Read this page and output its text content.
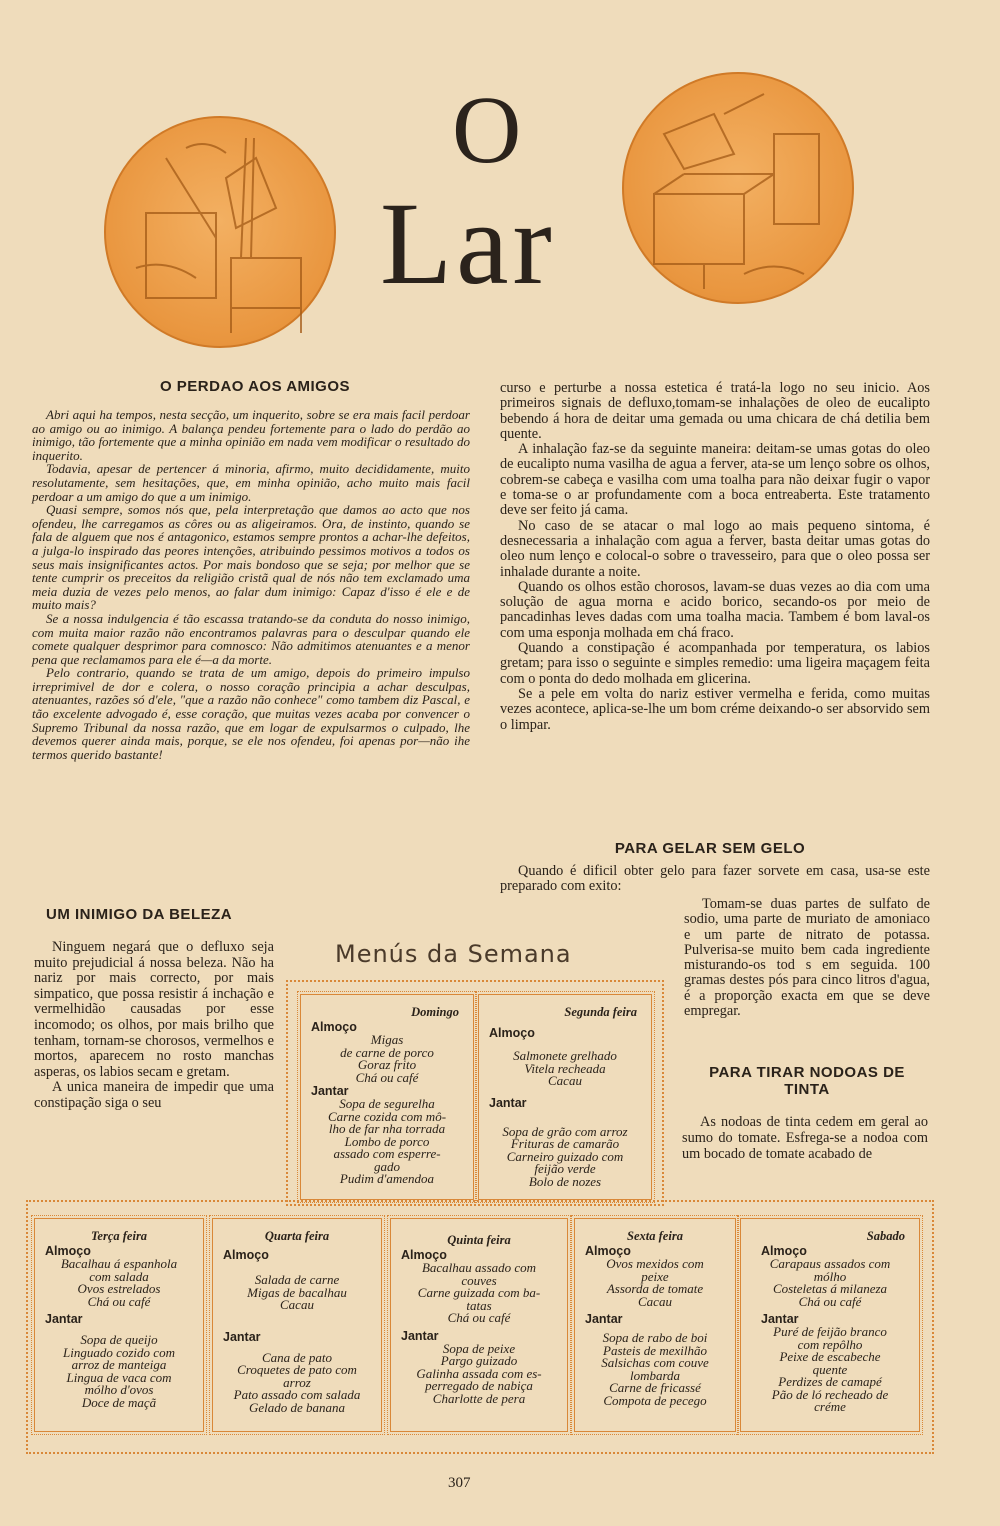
O
Lar
O PERDAO AOS AMIGOS

Abri aqui ha tempos, nesta secção, um inquerito, sobre se era mais facil perdoar ao amigo ou ao inimigo. A balança pendeu fortemente para o lado do perdão ao inimigo, tão fortemente que a minha opinião em nada vem modificar o resultado do inquerito.

Todavia, apesar de pertencer á minoria, afirmo, muito decididamente, muito resolutamente, sem hesitações, que, em minha opinião, acho muito mais facil perdoar a um amigo do que a um inimigo.

Quasi sempre, somos nós que, pela interpretação que damos ao acto que nos ofendeu, lhe carregamos as côres ou as aligeiramos. Ora, de instinto, quando se fala de alguem que nos é antagonico, estamos sempre prontos a achar-lhe defeitos, a julga-lo inspirado das peores intenções, atribuindo pessimos motivos a todos os seus mais insignificantes actos. Por mais bondoso que se seja; por melhor que se tente cumprir os preceitos da religião cristã qual de nós não tem exclamado uma meia duzia de vezes pelo menos, ao falar dum inimigo: Capaz d'isso é ele e de muito mais?

Se a nossa indulgencia é tão escassa tratando-se da conduta do nosso inimigo, com muita maior razão não encontramos palavras para o desculpar quando ele comete qualquer desprimor para comnosco: Não admitimos atenuantes e a menor pena que reclamamos para ele é—a da morte.

Pelo contrario, quando se trata de um amigo, depois do primeiro impulso irreprimivel de dor e colera, o nosso coração principia a achar desculpas, atenuantes, razões só d'ele, "que a razão não conhece" como tambem diz Pascal, e tão excelente advogado é, esse coração, que muitas vezes acaba por convencer o Supremo Tribunal da nossa razão, que em logar de expulsarmos o culpado, lhe devemos querer ainda mais, porque, se ele nos ofendeu, foi apenas por—não ihe termos querido bastante!

UM INIMIGO DA BELEZA

Ninguem negará que o defluxo seja muito prejudicial á nossa beleza. Não ha nariz por mais correcto, por mais simpatico, que possa resistir á inchação e vermelhidão causadas por esse incomodo; os olhos, por mais brilho que tenham, tornam-se chorosos, vermelhos e mortos, aparecem no rosto manchas asperas, os labios secam e gretam.

A unica maneira de impedir que uma constipação siga o seu

curso e perturbe a nossa estetica é tratá-la logo no seu inicio. Aos primeiros signais de defluxo,tomam-se inhalações de oleo de eucalipto bebendo á hora de deitar uma gemada ou uma chicara de chá detilia bem quente.

A inhalação faz-se da seguinte maneira: deitam-se umas gotas do oleo de eucalipto numa vasilha de agua a ferver, ata-se um lenço sobre os olhos, cobrem-se cabeça e vasilha com uma toalha para não deixar fugir o vapor e toma-se o ar profundamente com a boca entreaberta. Este tratamento deve ser feito já cama.

No caso de se atacar o mal logo ao mais pequeno sintoma, é desnecessaria a inhalação com agua a ferver, basta deitar umas gotas do oleo num lenço e colocal-o sobre o travesseiro, para que o oleo possa ser inhalade durante a noite.

Quando os olhos estão chorosos, lavam-se duas vezes ao dia com uma solução de agua morna e acido borico, secando-os por meio de pancadinhas leves dadas com uma toalha macia. Tambem é bom laval-os com uma esponja molhada em chá fraco.

Quando a constipação é acompanhada por temperatura, os labios gretam; para isso o seguinte e simples remedio: uma ligeira maçagem feita com o ponta do dedo molhada em glicerina.

Se a pele em volta do nariz estiver vermelha e ferida, como muitas vezes acontece, aplica-se-lhe um bom créme deixando-o ser absorvido sem o limpar.

PARA GELAR SEM GELO

Quando é dificil obter gelo para fazer sorvete em casa, usa-se este preparado com exito:

Tomam-se duas partes de sulfato de sodio, uma parte de muriato de amoniaco e um parte de nitrato de potassa. Pulverisa-se muito bem cada ingrediente misturando-os tod s em seguida. 100 gramas destes pós para cinco litros d'agua, é a proporção exacta em que se deve empregar.

PARA TIRAR NODOAS DE
TINTA

As nodoas de tinta cedem em geral ao sumo do tomate. Esfrega-se a nodoa com um bocado de tomate acabado de

Menús da Semana
Domingo
Almoço
Migas
de carne de porco
Goraz frito
Chá ou café
Jantar
Sopa de segurelha
Carne cozida com mô-
lho de far nha torrada
Lombo de porco
assado com esperre-
gado
Pudim d'amendoa
Segunda feira
Almoço
Salmonete grelhado
Vitela recheada
Cacau
Jantar
Sopa de grão com arroz
Frituras de camarão
Carneiro guizado com
feijão verde
Bolo de nozes
Terça feira
Almoço
Bacalhau á espanhola
com salada
Ovos estrelados
Chá ou café
Jantar
Sopa de queijo
Linguado cozido com
arroz de manteiga
Lingua de vaca com
mólho d'ovos
Doce de maçã
Quarta feira
Almoço
Salada de carne
Migas de bacalhau
Cacau
Jantar
Cana de pato
Croquetes de pato com
arroz
Pato assado com salada
Gelado de banana
Quinta feira
Almoço
Bacalhau assado com
couves
Carne guizada com ba-
tatas
Chá ou café
Jantar
Sopa de peixe
Pargo guizado
Galinha assada com es-
perregado de nabiça
Charlotte de pera
Sexta feira
Almoço
Ovos mexidos com
peixe
Assorda de tomate
Cacau
Jantar
Sopa de rabo de boi
Pasteis de mexilhão
Salsichas com couve
lombarda
Carne de fricassé
Compota de pecego
Sabado
Almoço
Carapaus assados com
mólho
Costeletas á milaneza
Chá ou café
Jantar
Puré de feijão branco
com repôlho
Peixe de escabeche
quente
Perdizes de camapé
Pão de ló recheado de
créme
307
